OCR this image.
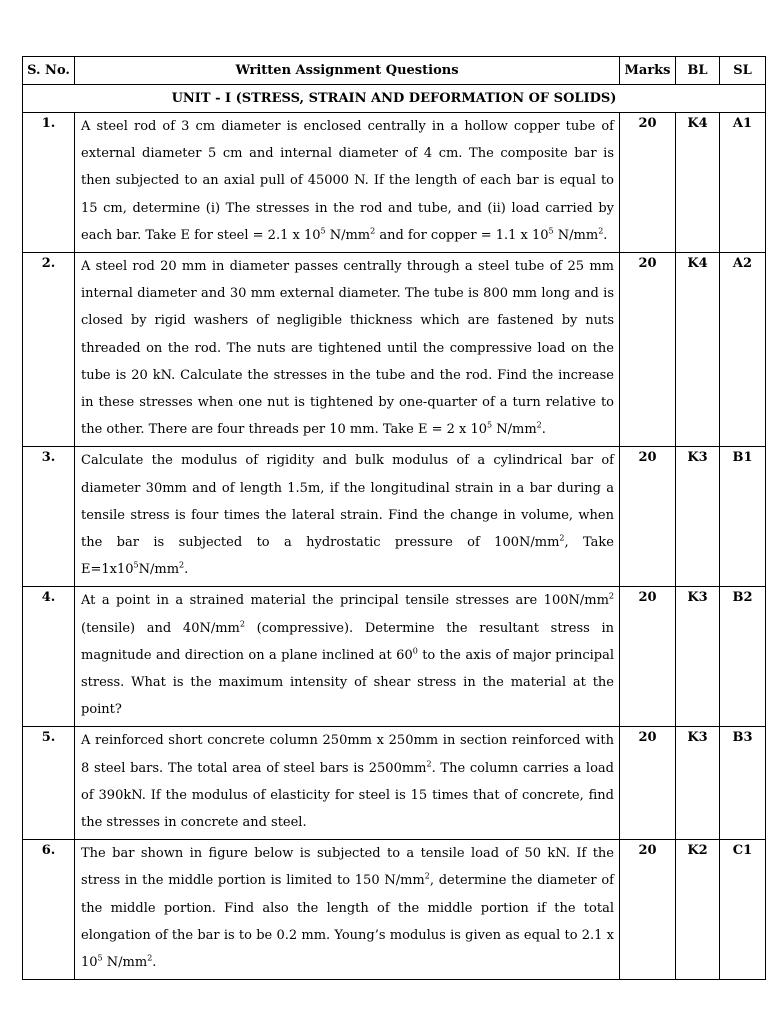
S. No.	Written Assignment Questions	Marks	BL	SL
UNIT - I (STRESS, STRAIN AND DEFORMATION OF SOLIDS)				
1.	A steel rod of 3 cm diameter is enclosed centrally in a hollow copper tube of external diameter 5 cm and internal diameter of 4 cm. The composite bar is then subjected to an axial pull of 45000 N. If the length of each bar is equal to 15 cm, determine (i) The stresses in the rod and tube, and (ii) load carried by each bar. Take E for steel = 2.1 x $10^5$ $N/mm^2$ and for copper = 1.1 x $10^5$ $N/mm^2$.	20	K4	A1
2.	A steel rod 20 mm in diameter passes centrally through a steel tube of 25 mm internal diameter and 30 mm external diameter. The tube is 800 mm long and is closed by rigid washers of negligible thickness which are fastened by nuts threaded on the rod. The nuts are tightened until the compressive load on the tube is 20 kN. Calculate the stresses in the tube and the rod. Find the increase in these stresses when one nut is tightened by one-quarter of a turn relative to the other. There are four threads per 10 mm. Take E = 2 x $10^5$ $N/mm^2$.	20	K4	A2
3.	Calculate the modulus of rigidity and bulk modulus of a cylindrical bar of diameter 30mm and of length 1.5m, if the longitudinal strain in a bar during a tensile stress is four times the lateral strain. Find the change in volume, when the bar is subjected to a hydrostatic pressure of $100N/mm^2$, Take $E=1x10^5N/mm^2$.	20	K3	B1
4.	At a point in a strained material the principal tensile stresses are $100N/mm^2$ (tensile) and $40N/mm^2$ (compressive). Determine the resultant stress in magnitude and direction on a plane inclined at $60^0$ to the axis of major principal stress. What is the maximum intensity of shear stress in the material at the point?	20	K3	B2
5.	A reinforced short concrete column 250mm x 250mm in section reinforced with 8 steel bars. The total area of steel bars is $2500mm^2$. The column carries a load of 390kN. If the modulus of elasticity for steel is 15 times that of concrete, find the stresses in concrete and steel.	20	K3	B3
6.	The bar shown in figure below is subjected to a tensile load of 50 kN. If the stress in the middle portion is limited to 150 $N/mm^2$, determine the diameter of the middle portion. Find also the length of the middle portion if the total elongation of the bar is to be 0.2 mm. Young’s modulus is given as equal to 2.1 x $10^5$ $N/mm^2$.	20	K2	C1
